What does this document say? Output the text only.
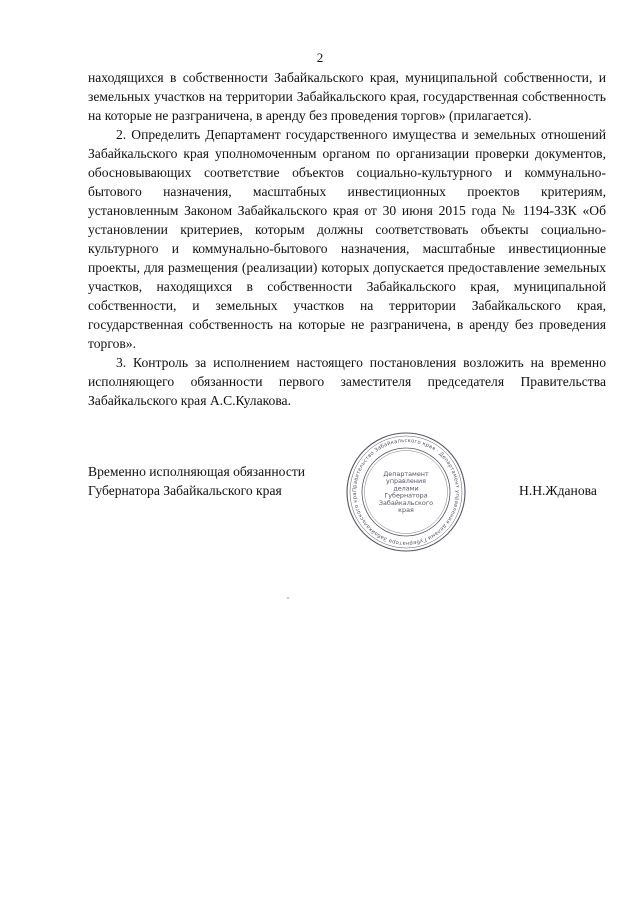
2

находящихся в собственности Забайкальского края, муниципальной собственности, и земельных участков на территории Забайкальского края, государственная собственность на которые не разграничена, в аренду без проведения торгов» (прилагается).

2. Определить Департамент государственного имущества и земельных отношений Забайкальского края уполномоченным органом по организации проверки документов, обосновывающих соответствие объектов социально-культурного и коммунально-бытового назначения, масштабных инвестиционных проектов критериям, установленным Законом Забайкальского края от 30 июня 2015 года № 1194-ЗЗК «Об установлении критериев, которым должны соответствовать объекты социально-культурного и коммунально-бытового назначения, масштабные инвестиционные проекты, для размещения (реализации) которых допускается предоставление земельных участков, находящихся в собственности Забайкальского края, муниципальной собственности, и земельных участков на территории Забайкальского края, государственная собственность на которые не разграничена, в аренду без проведения торгов».

3. Контроль за исполнением настоящего постановления возложить на временно исполняющего обязанности первого заместителя председателя Правительства Забайкальского края А.С.Кулакова.

Временно исполняющая обязанности
Губернатора Забайкальского края	Правительство Забайкальского края · Департамент управления делами Губернатора Забайкальского кра
Департамент
управления
делами
Губернатора
Забайкальского
края
Н.Н.Жданова
